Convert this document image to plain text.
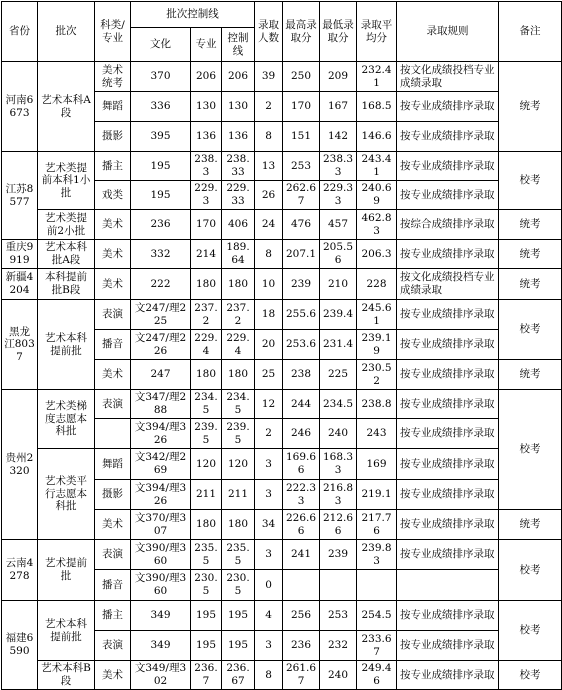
省份	批次	科类/专业	批次控制线			录取人数	最高录取分	最低录取分	录取平均分	录取规则	备注
			文化	专业	控制线						
河南6673	艺术本科A段	美术统考	370	206	206	39	250	209	232.41	按文化成绩投档专业成绩录取	统考
		舞蹈	336	130	130	2	170	167	168.5	按专业成绩排序录取	
		摄影	395	136	136	8	151	142	146.6	按专业成绩排序录取	
江苏8577	艺术类提前本科1小批	播主	195	238.3	238.33	13	253	238.33	243.41	按专业成绩排序录取	校考
		戏类	195	229.3	229.33	26	262.67	229.33	240.69	按专业成绩排序录取	
	艺术类提前2小批	美术	236	170	406	24	476	457	462.83	按综合成绩排序录取	统考
重庆9919	艺术本科批A段	美术	332	214	189.64	8	207.1	205.56	206.3	按专业成绩排序录取	统考
新疆4204	本科提前批B段	美术	222	180	180	10	239	210	228	按文化成绩投档专业成绩录取	统考
黑龙江8037	艺术本科提前批	表演	文247/理225	237.2	237.2	18	255.6	239.4	245.61	按专业成绩排序录取	校考
		播音	文247/理226	229.4	229.4	20	253.6	231.4	239.19	按专业成绩排序录取	
		美术	247	180	180	25	238	225	230.52	按专业成绩排序录取	统考
贵州2320	艺术类梯度志愿本科批	表演	文347/理288	234.5	234.5	12	244	234.5	238.8	按专业成绩排序录取	校考
			文394/理326	239.5	239.5	2	246	240	243	按专业成绩排序录取	
	艺术类平行志愿本科批	舞蹈	文342/理269	120	120	3	169.66	168.33	169	按专业成绩排序录取	
		摄影	文394/理326	211	211	3	222.33	216.83	219.1	按专业成绩排序录取	
		美术	文370/理307	180	180	34	226.66	212.66	217.76	按专业成绩排序录取	统考
云南4278	艺术提前批	表演	文390/理360	235.5	235.5	3	241	239	239.83	按专业成绩排序录取	校考
		播音	文390/理360	230.5	230.5	0					
福建6590	艺术本科提前批	播主	349	195	195	4	256	253	254.5	按专业成绩排序录取	校考
		表演	349	195	195	3	236	232	233.67	按专业成绩排序录取	
	艺术本科B段	美术	文349/理302	236.7	236.67	8	261.67	240	249.46	按专业成绩排序录取	校考
